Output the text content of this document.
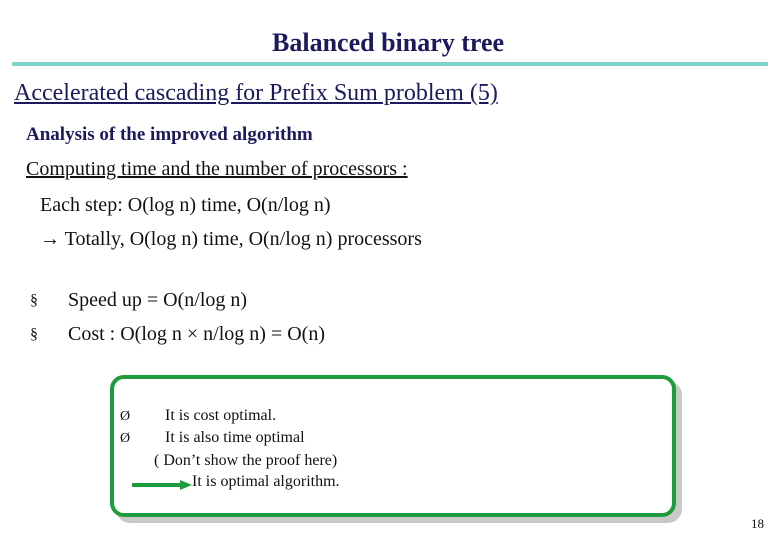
Balanced binary tree
Accelerated cascading for Prefix Sum problem (5)
Analysis of the improved algorithm
Computing time and the number of processors :
Each step: O(log n) time, O(n/log n)
→ Totally, O(log n) time, O(n/log n) processors
§ Speed up = O(n/log n)
§ Cost : O(log n × n/log n) = O(n)
Ø It is cost optimal.
Ø It is also time optimal
( Don’t show the proof here)
It is optimal algorithm.
18
